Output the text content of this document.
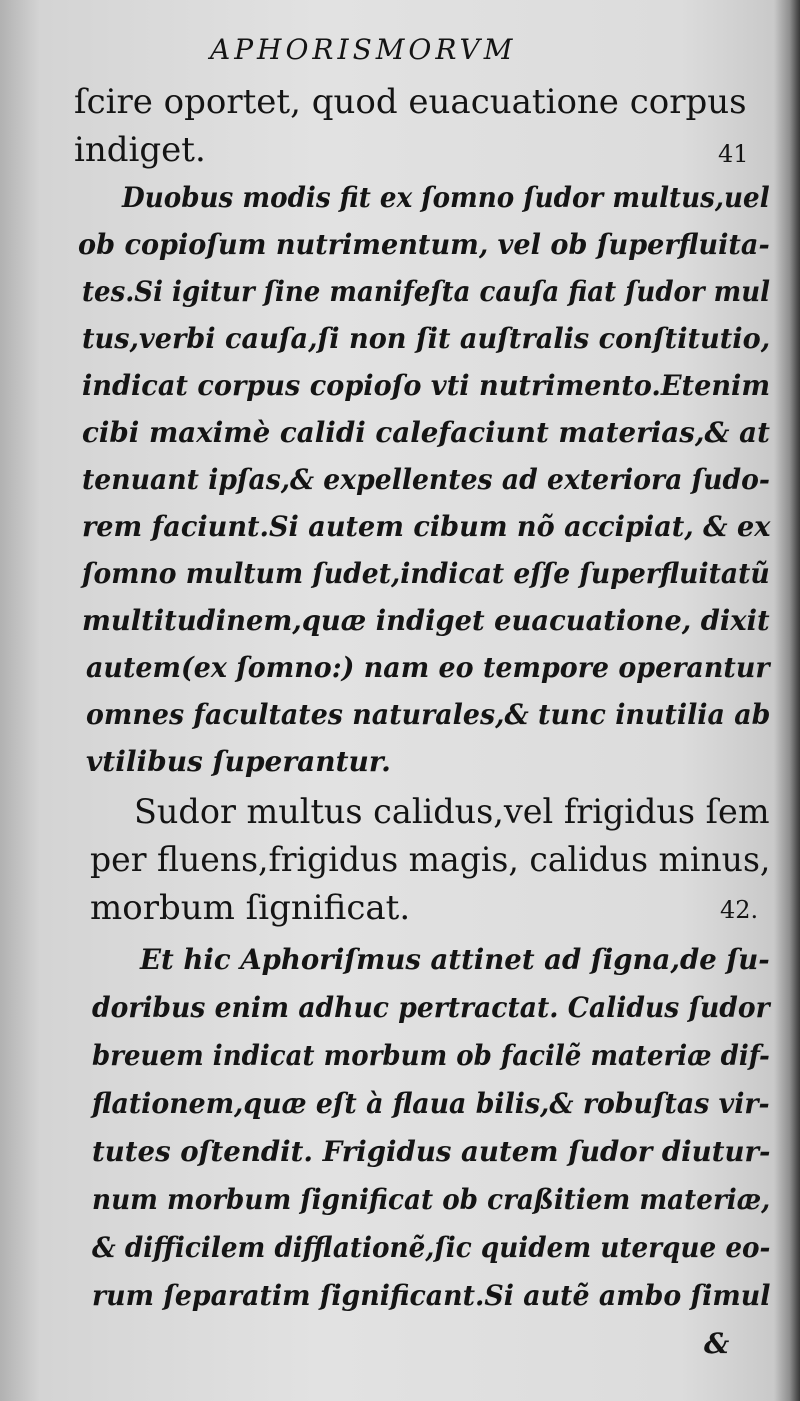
APHORISMORVM
ſcire oportet, quod euacuatione corpus
indiget.	41
Duobus modis fit ex ſomno ſudor multus,uel
ob copioſum nutrimentum, vel ob ſuperfluita-
tes.Si igitur ſine manifeſta cauſa fiat ſudor mul
tus,verbi cauſa,ſi non ſit auſtralis conſtitutio,
indicat corpus copioſo vti nutrimento.Etenim
cibi maximè calidi calefaciunt materias,& at
tenuant ipſas,& expellentes ad exteriora ſudo-
rem faciunt.Si autem cibum nõ accipiat, & ex
ſomno multum ſudet,indicat eſſe ſuperfluitatũ
multitudinem,quæ indiget euacuatione, dixit
autem(ex ſomno:) nam eo tempore operantur
omnes facultates naturales,& tunc inutilia ab
vtilibus ſuperantur.
Sudor multus calidus,vel frigidus ſem
per fluens,frigidus magis, calidus minus,
morbum ſignificat.	42.
Et hic Aphoriſmus attinet ad ſigna,de ſu-
doribus enim adhuc pertractat. Calidus ſudor
breuem indicat morbum ob facilẽ materiæ dif-
flationem,quæ eſt à flaua bilis,& robuſtas vir-
tutes oſtendit. Frigidus autem ſudor diutur-
num morbum ſignificat ob craßitiem materiæ,
& difficilem difflationẽ,ſic quidem uterque eo-
rum ſeparatim ſignificant.Si autẽ ambo ſimul
&
